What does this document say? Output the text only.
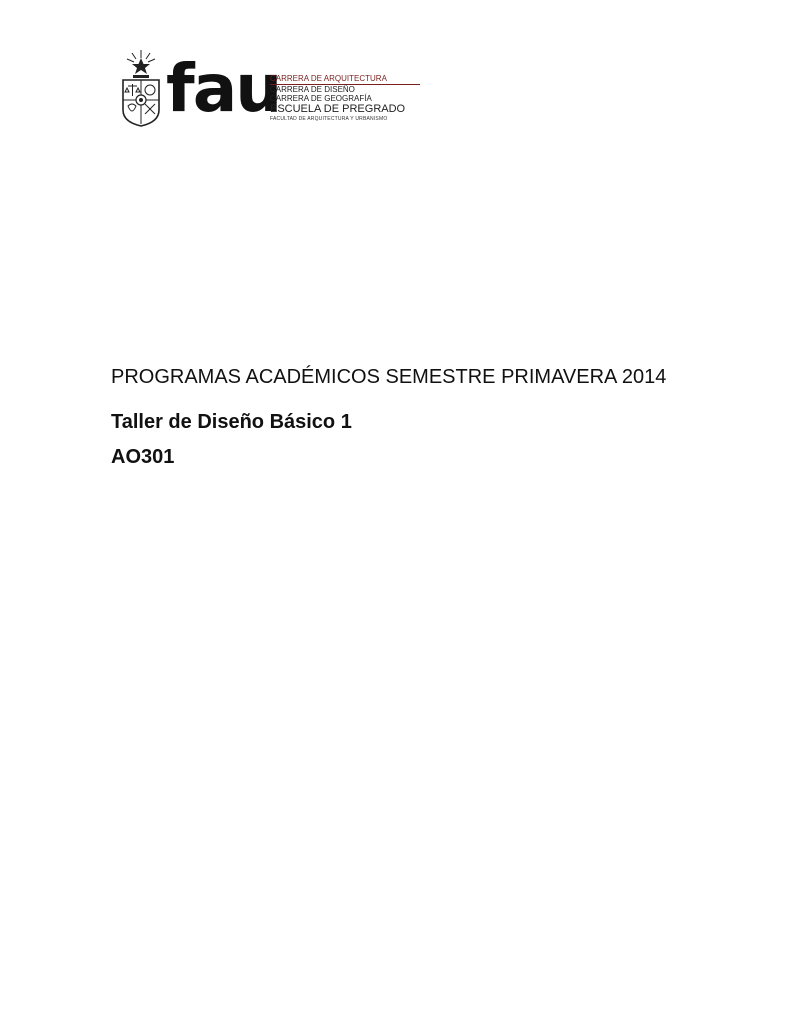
fau
CARRERA DE ARQUITECTURA
CARRERA DE DISEÑO
CARRERA DE GEOGRAFÍA
ESCUELA DE PREGRADO
FACULTAD DE ARQUITECTURA Y URBANISMO
PROGRAMAS ACADÉMICOS SEMESTRE PRIMAVERA 2014
Taller de Diseño Básico 1
AO301
